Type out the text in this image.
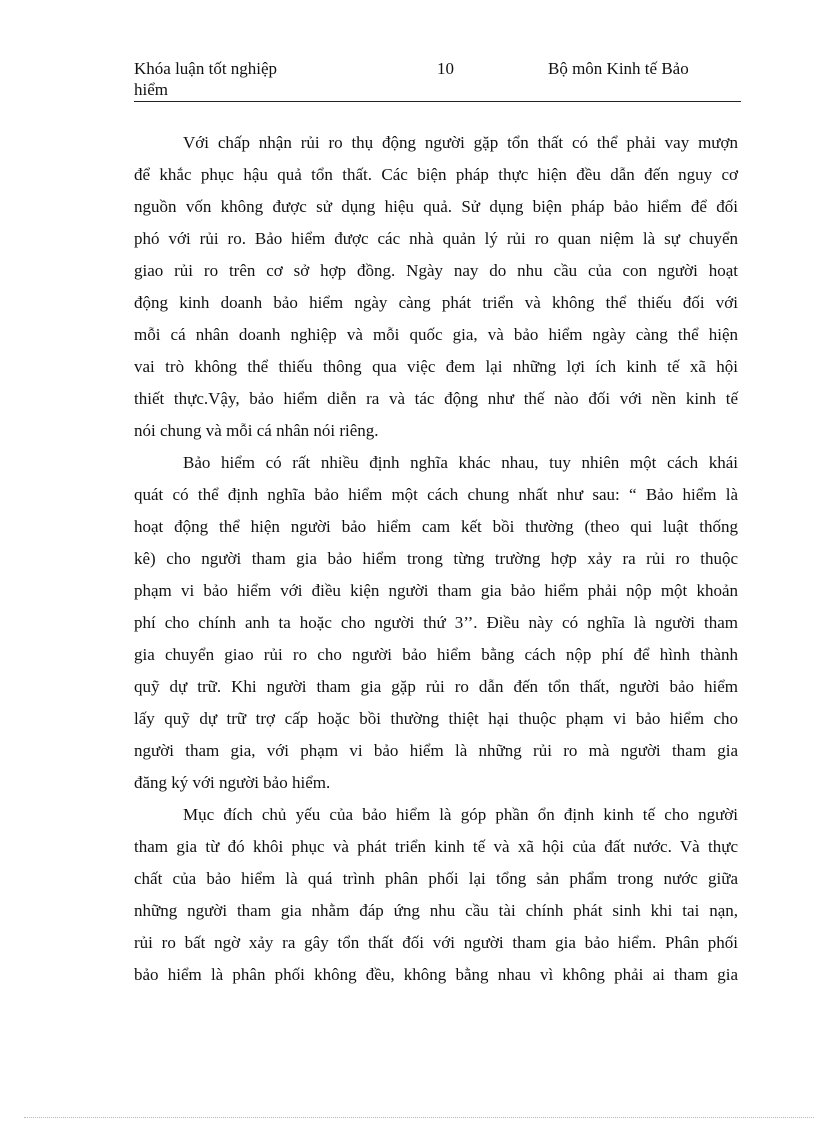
Khóa luận tốt nghiệp	10	Bộ môn Kinh tế Bảo
hiểm
Với chấp nhận rủi ro thụ động người gặp tổn thất có thể phải vay mượn
để khắc phục hậu quả tổn thất. Các biện pháp thực hiện đều dẫn đến nguy cơ
nguồn vốn không được sử dụng hiệu quả. Sử dụng biện pháp bảo hiểm để đối
phó với rủi ro. Bảo hiểm được các nhà quản lý rủi ro quan niệm là sự chuyển
giao rủi ro trên cơ sở hợp đồng. Ngày nay do nhu cầu của con người hoạt
động kinh doanh bảo hiểm ngày càng phát triển và không thể thiếu đối với
mỗi cá nhân doanh nghiệp và mỗi quốc gia, và bảo hiểm ngày càng thể hiện
vai trò không thể thiếu thông qua việc đem lại những lợi ích kinh tế xã hội
thiết thực.Vậy, bảo hiểm diễn ra và tác động như thế nào đối với nền kinh tế
nói chung và mỗi cá nhân nói riêng.
Bảo hiểm có rất nhiều định nghĩa khác nhau, tuy nhiên một cách khái
quát có thể định nghĩa bảo hiểm một cách chung nhất như sau: “ Bảo hiểm là
hoạt động thể hiện người bảo hiểm cam kết bồi thường (theo qui luật thống
kê) cho người tham gia bảo hiểm trong từng trường hợp xảy ra rủi ro thuộc
phạm vi bảo hiểm với điều kiện người tham gia bảo hiểm phải nộp một khoản
phí cho chính anh ta hoặc cho người thứ 3’’. Điều này có nghĩa là người tham
gia chuyển giao rủi ro cho người bảo hiểm bằng cách nộp phí để hình thành
quỹ dự trữ. Khi người tham gia gặp rủi ro dẫn đến tổn thất, người bảo hiểm
lấy quỹ dự trữ trợ cấp hoặc bồi thường thiệt hại thuộc phạm vi bảo hiểm cho
người tham gia, với phạm vi bảo hiểm là những rủi ro mà người tham gia
đăng ký với người bảo hiểm.
Mục đích chủ yếu của bảo hiểm là góp phần ổn định kinh tế cho người
tham gia từ đó khôi phục và phát triển kinh tế và xã hội của đất nước. Và thực
chất của bảo hiểm là quá trình phân phối lại tổng sản phẩm trong nước giữa
những người tham gia nhằm đáp ứng nhu cầu tài chính phát sinh khi tai nạn,
rủi ro bất ngờ xảy ra gây tổn thất đối với người tham gia bảo hiểm. Phân phối
bảo hiểm là phân phối không đều, không bằng nhau vì không phải ai tham gia
